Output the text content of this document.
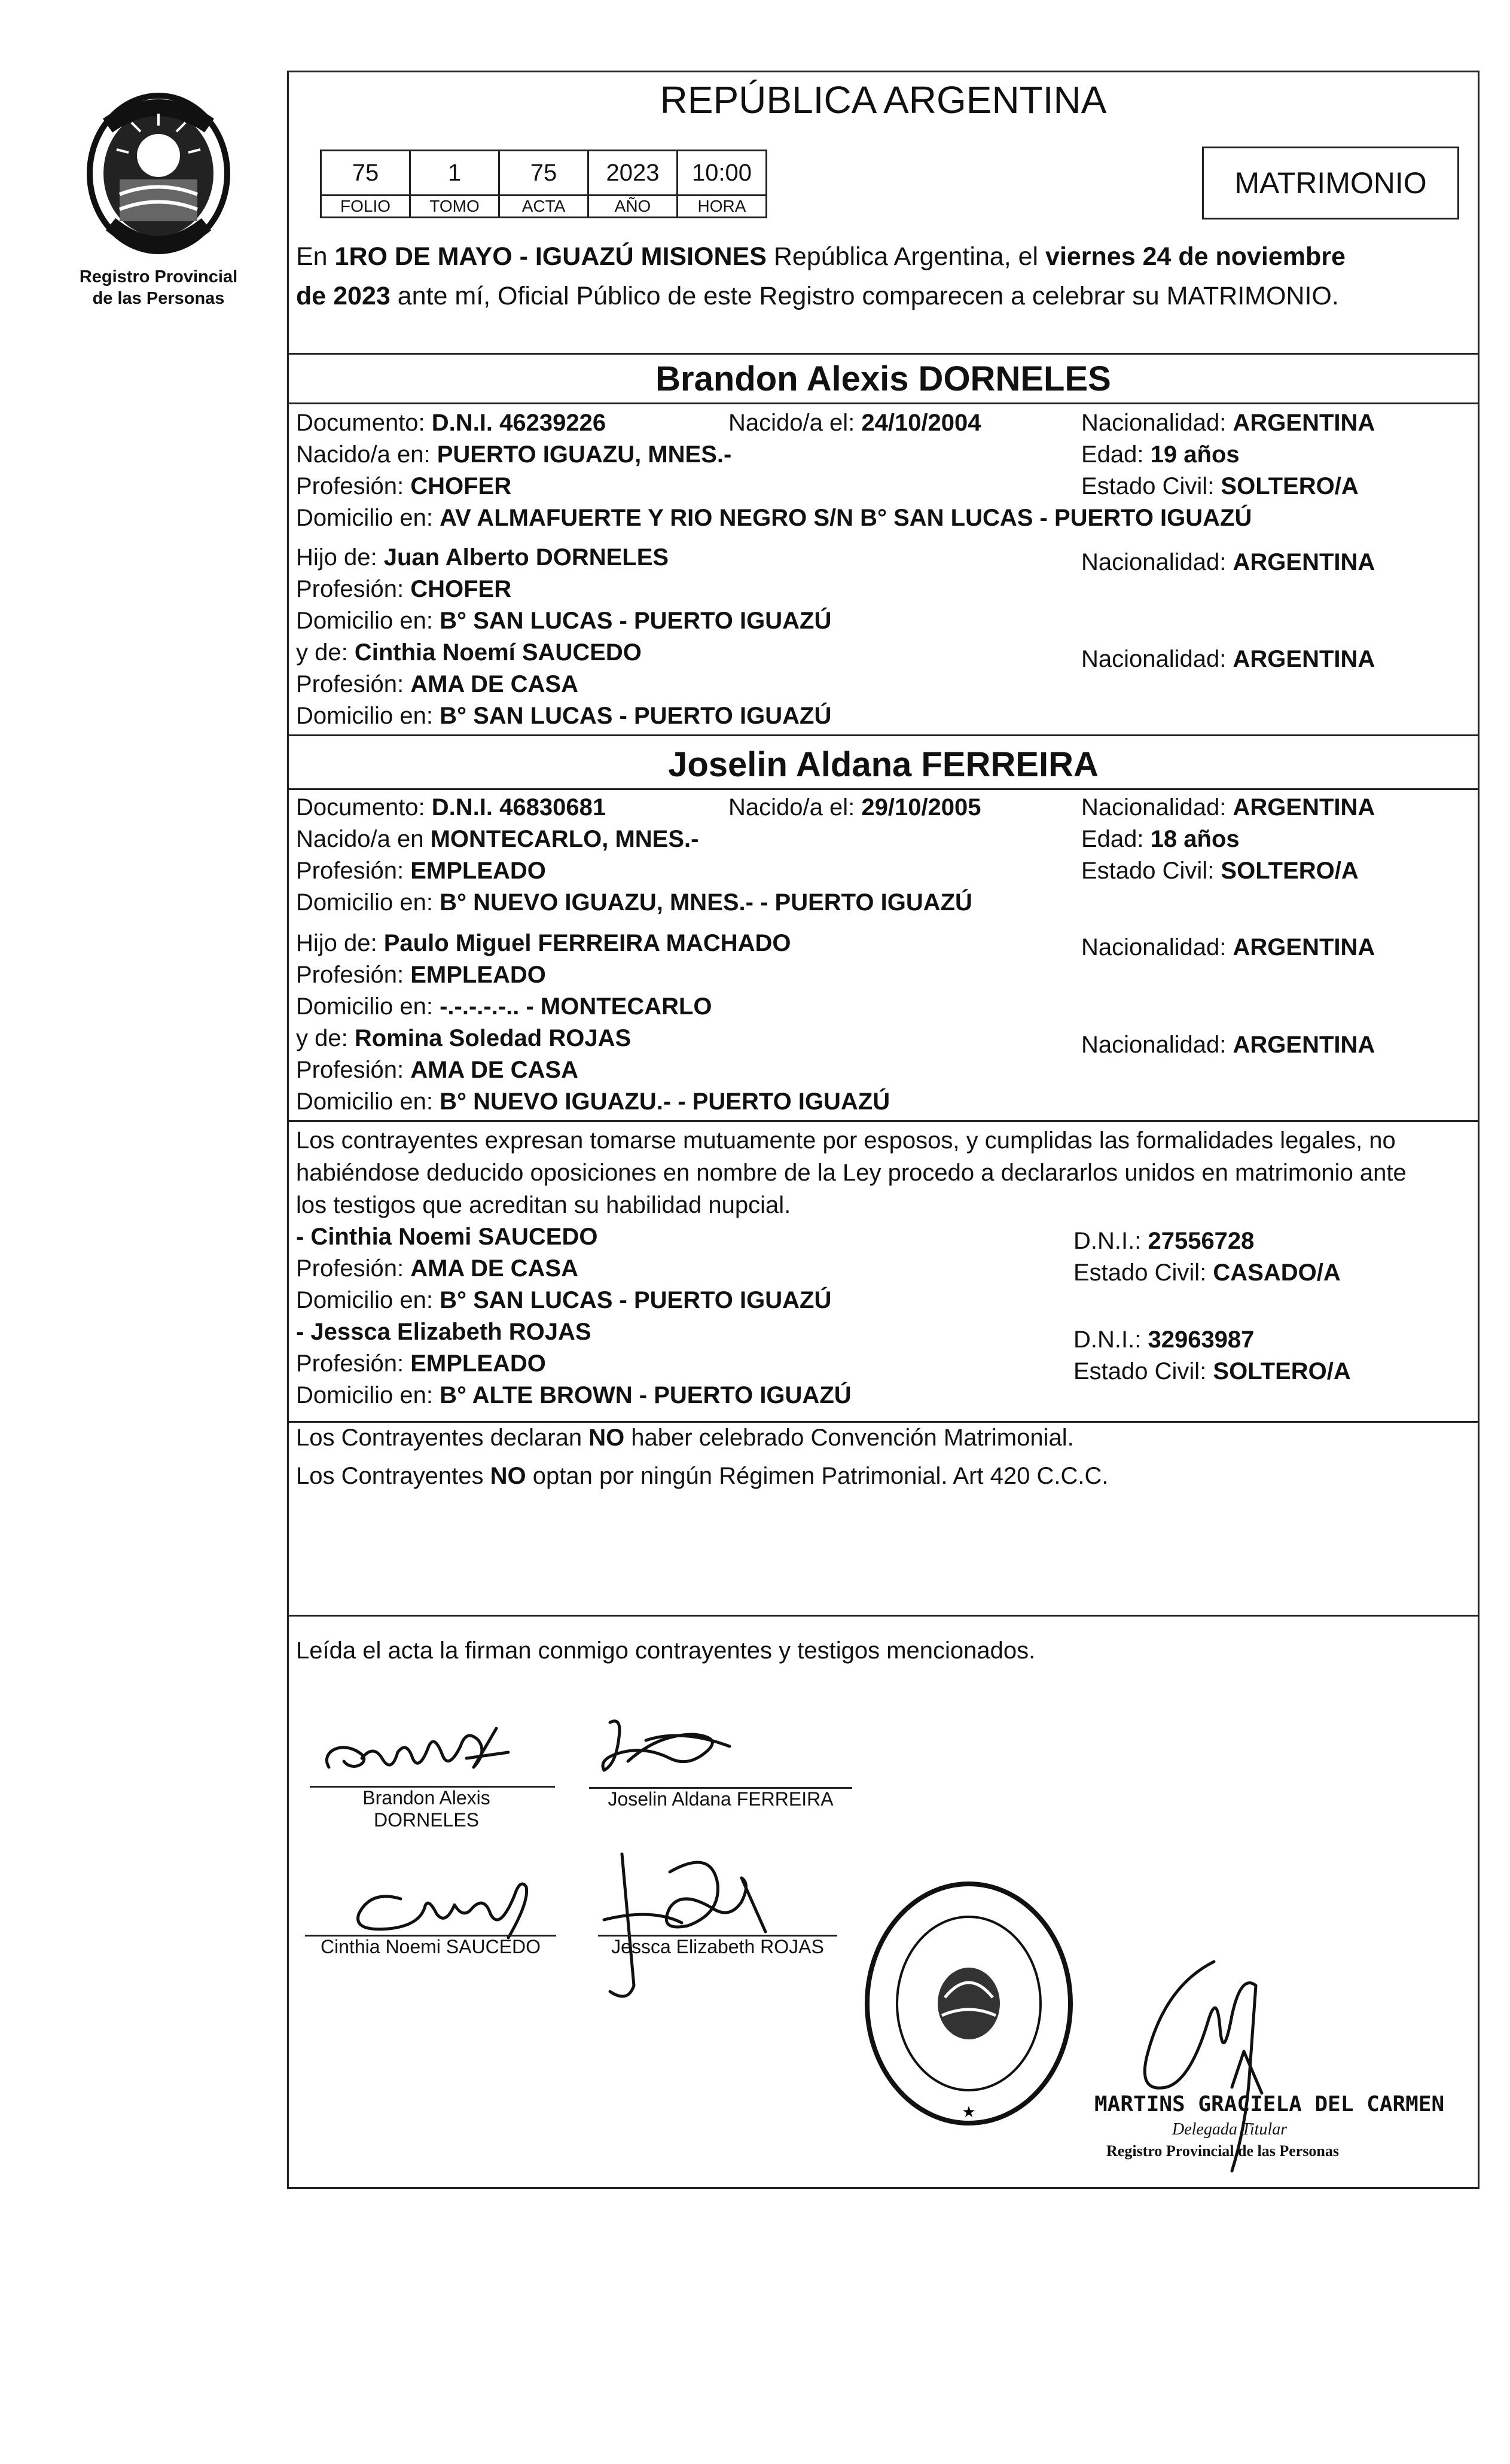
Registro Provincial
de las Personas
REPÚBLICA ARGENTINA
75	1	75	2023	10:00
FOLIO	TOMO	ACTA	AÑO	HORA
MATRIMONIO
En 1RO DE MAYO - IGUAZÚ MISIONES República Argentina, el viernes 24 de noviembre
de 2023 ante mí, Oficial Público de este Registro comparecen a celebrar su MATRIMONIO.
Brandon Alexis DORNELES
Documento: D.N.I. 46239226	Nacido/a el: 24/10/2004	Nacionalidad: ARGENTINA
Nacido/a en: PUERTO IGUAZU, MNES.-	Edad: 19 años
Profesión: CHOFER	Estado Civil: SOLTERO/A
Domicilio en: AV ALMAFUERTE Y RIO NEGRO S/N B° SAN LUCAS - PUERTO IGUAZÚ
Hijo de: Juan Alberto DORNELES	Nacionalidad: ARGENTINA
Profesión: CHOFER
Domicilio en: B° SAN LUCAS - PUERTO IGUAZÚ
y de: Cinthia Noemí SAUCEDO	Nacionalidad: ARGENTINA
Profesión: AMA DE CASA
Domicilio en: B° SAN LUCAS - PUERTO IGUAZÚ
Joselin Aldana FERREIRA
Documento: D.N.I. 46830681	Nacido/a el: 29/10/2005	Nacionalidad: ARGENTINA
Nacido/a en MONTECARLO, MNES.-	Edad: 18 años
Profesión: EMPLEADO	Estado Civil: SOLTERO/A
Domicilio en: B° NUEVO IGUAZU, MNES.- - PUERTO IGUAZÚ
Hijo de: Paulo Miguel FERREIRA MACHADO	Nacionalidad: ARGENTINA
Profesión: EMPLEADO
Domicilio en: -.-.-.-.-.. - MONTECARLO
y de: Romina Soledad ROJAS	Nacionalidad: ARGENTINA
Profesión: AMA DE CASA
Domicilio en: B° NUEVO IGUAZU.- - PUERTO IGUAZÚ
Los contrayentes expresan tomarse mutuamente por esposos, y cumplidas las formalidades legales, no
habiéndose deducido oposiciones en nombre de la Ley procedo a declararlos unidos en matrimonio ante
los testigos que acreditan su habilidad nupcial.
- Cinthia Noemi SAUCEDO	D.N.I.: 27556728
Profesión: AMA DE CASA	Estado Civil: CASADO/A
Domicilio en: B° SAN LUCAS - PUERTO IGUAZÚ
- Jessca Elizabeth ROJAS	D.N.I.: 32963987
Profesión: EMPLEADO	Estado Civil: SOLTERO/A
Domicilio en: B° ALTE BROWN - PUERTO IGUAZÚ
Los Contrayentes declaran NO haber celebrado Convención Matrimonial.
Los Contrayentes NO optan por ningún Régimen Patrimonial. Art 420 C.C.C.
Leída el acta la firman conmigo contrayentes y testigos mencionados.
Brandon Alexis
DORNELES
Joselin Aldana FERREIRA
Cinthia Noemi SAUCEDO	Jessca Elizabeth ROJAS
★	MARTINS GRACIELA DEL CARMEN
Delegada Titular
Registro Provincial de las Personas
